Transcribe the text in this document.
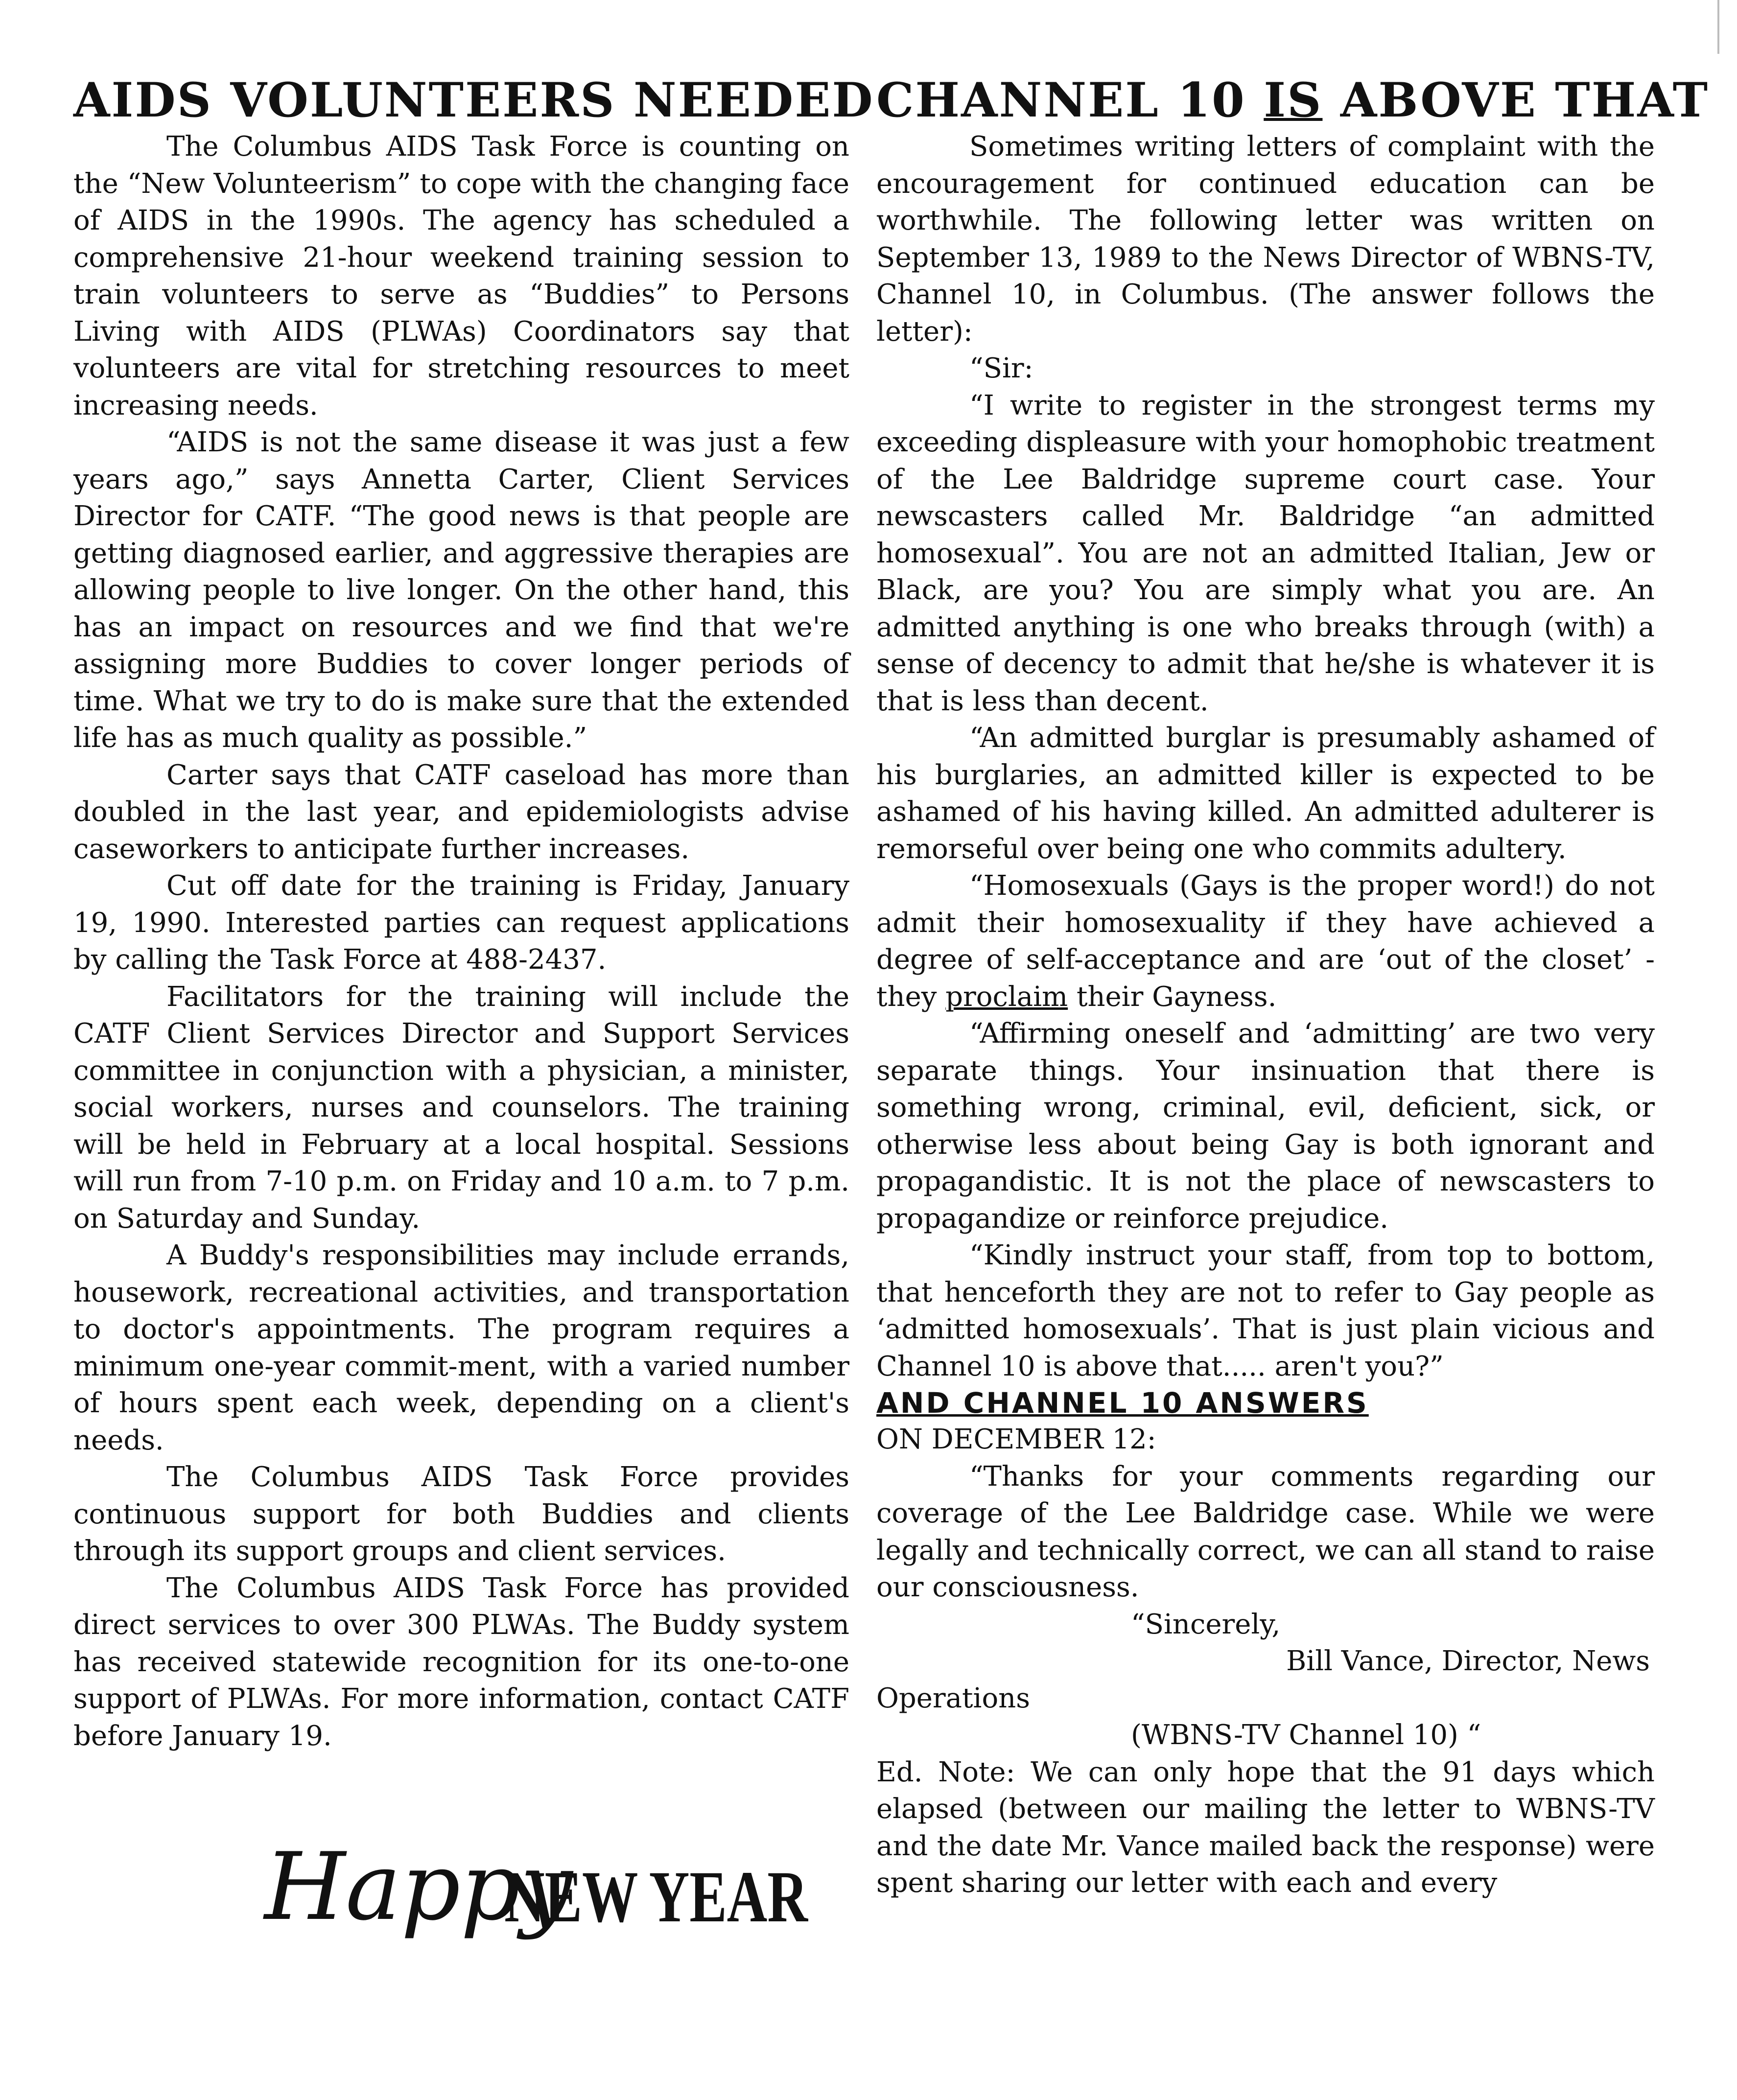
AIDS VOLUNTEERS NEEDED

The Columbus AIDS Task Force is counting on the “New Volunteerism” to cope with the changing face of AIDS in the 1990s. The agency has scheduled a comprehensive 21-hour weekend training session to train volunteers to serve as “Buddies” to Persons Living with AIDS (PLWAs) Coordinators say that volunteers are vital for stretching resources to meet increasing needs.

“AIDS is not the same disease it was just a few years ago,” says Annetta Carter, Client Services Director for CATF. “The good news is that people are getting diagnosed earlier, and aggressive therapies are allowing people to live longer. On the other hand, this has an impact on resources and we find that we're assigning more Buddies to cover longer periods of time. What we try to do is make sure that the extended life has as much quality as possible.”

Carter says that CATF caseload has more than doubled in the last year, and epidemiologists advise caseworkers to anticipate further increases.

Cut off date for the training is Friday, January 19, 1990. Interested parties can request applications by calling the Task Force at 488-2437.

Facilitators for the training will include the CATF Client Services Director and Support Services committee in conjunction with a physician, a minister, social workers, nurses and counselors. The training will be held in February at a local hospital. Sessions will run from 7-10 p.m. on Friday and 10 a.m. to 7 p.m. on Saturday and Sunday.

A Buddy's responsibilities may include errands, housework, recreational activities, and transportation to doctor's appointments. The program requires a minimum one-year commit-ment, with a varied number of hours spent each week, depending on a client's needs.

The Columbus AIDS Task Force provides continuous support for both Buddies and clients through its support groups and client services.

The Columbus AIDS Task Force has provided direct services to over 300 PLWAs. The Buddy system has received statewide recognition for its one-to-one support of PLWAs. For more information, contact CATF before January 19.

Happy
NEW YEAR
CHANNEL 10 IS ABOVE THAT

Sometimes writing letters of complaint with the encouragement for continued education can be worthwhile. The following letter was written on September 13, 1989 to the News Director of WBNS-TV, Channel 10, in Columbus. (The answer follows the letter):

“Sir:

“I write to register in the strongest terms my exceeding displeasure with your homophobic treatment of the Lee Baldridge supreme court case. Your newscasters called Mr. Baldridge “an admitted homosexual”. You are not an admitted Italian, Jew or Black, are you? You are simply what you are. An admitted anything is one who breaks through (with) a sense of decency to admit that he/she is whatever it is that is less than decent.

“An admitted burglar is presumably ashamed of his burglaries, an admitted killer is expected to be ashamed of his having killed. An admitted adulterer is remorseful over being one who commits adultery.

“Homosexuals (Gays is the proper word!) do not admit their homosexuality if they have achieved a degree of self-acceptance and are ‘out of the closet’ - they proclaim their Gayness.

“Affirming oneself and ‘admitting’ are two very separate things. Your insinuation that there is something wrong, criminal, evil, deficient, sick, or otherwise less about being Gay is both ignorant and propagandistic. It is not the place of newscasters to propagandize or reinforce prejudice.

“Kindly instruct your staff, from top to bottom, that henceforth they are not to refer to Gay people as ‘admitted homosexuals’. That is just plain vicious and Channel 10 is above that..... aren't you?”

AND CHANNEL 10 ANSWERS

ON DECEMBER 12:

“Thanks for your comments regarding our coverage of the Lee Baldridge case. While we were legally and technically correct, we can all stand to raise our consciousness.

“Sincerely,

Bill Vance, Director, News

Operations

(WBNS-TV Channel 10) “

Ed. Note: We can only hope that the 91 days which elapsed (between our mailing the letter to WBNS-TV and the date Mr. Vance mailed back the response) were spent sharing our letter with each and every
